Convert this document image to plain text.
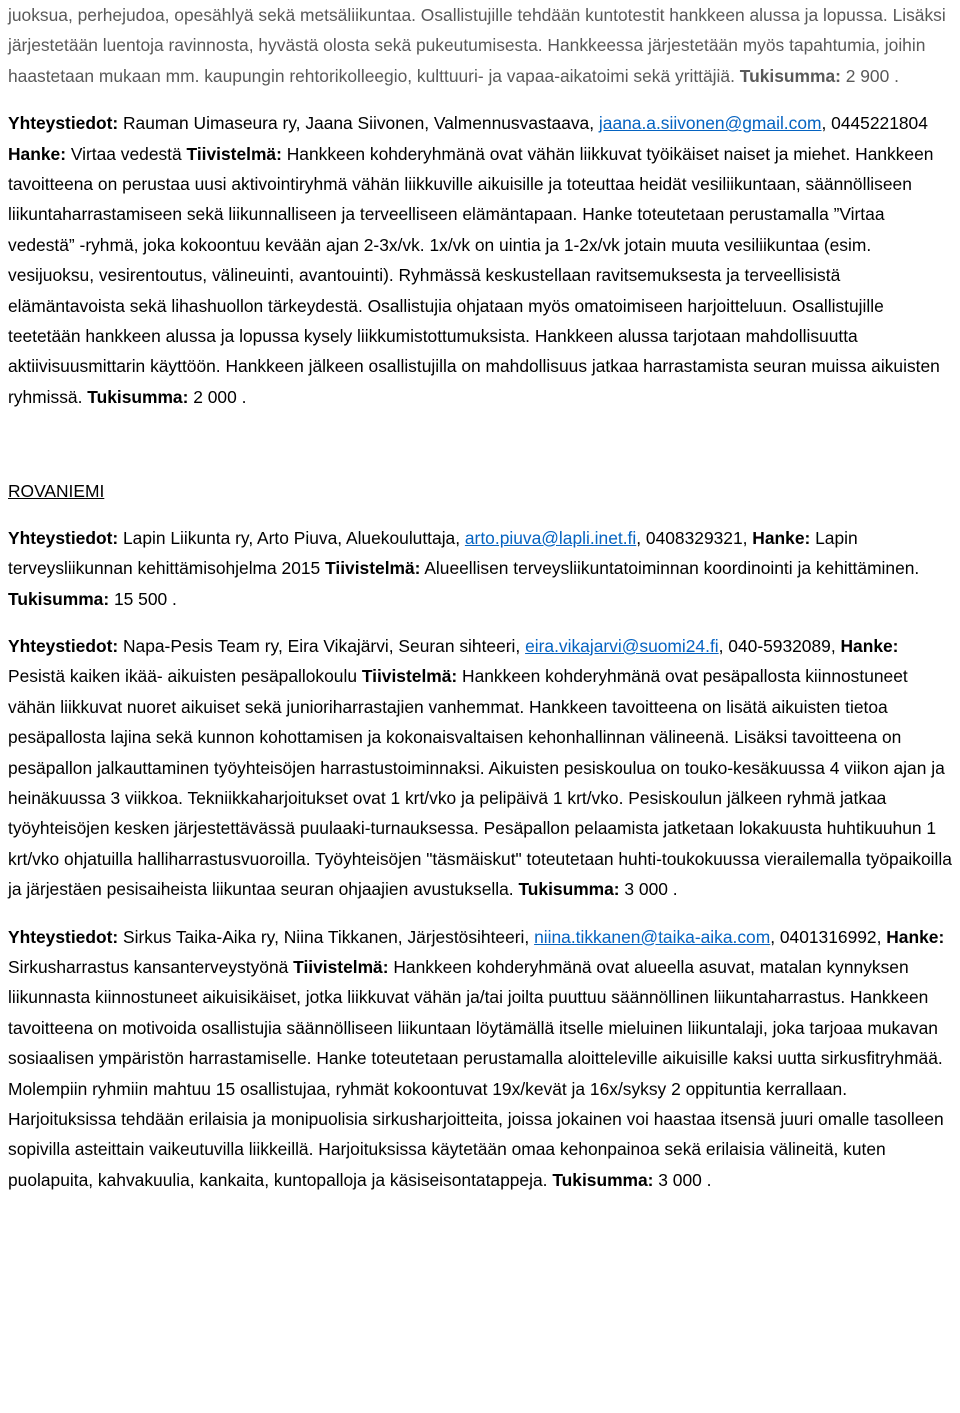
juoksua, perhejudoa, opesählyä sekä metsäliikuntaa. Osallistujille tehdään kuntotestit hankkeen alussa ja lopussa. Lisäksi järjestetään luentoja ravinnosta, hyvästä olosta sekä pukeutumisesta. Hankkeessa järjestetään myös tapahtumia, joihin haastetaan mukaan mm. kaupungin rehtorikolleegio, kulttuuri- ja vapaa-aikatoimi sekä yrittäjiä. Tukisumma: 2 900 .

Yhteystiedot: Rauman Uimaseura ry, Jaana Siivonen, Valmennusvastaava, jaana.a.siivonen@gmail.com, 0445221804 Hanke: Virtaa vedestä Tiivistelmä: Hankkeen kohderyhmänä ovat vähän liikkuvat työikäiset naiset ja miehet. Hankkeen tavoitteena on perustaa uusi aktivointiryhmä vähän liikkuville aikuisille ja toteuttaa heidät vesiliikuntaan, säännölliseen liikuntaharrastamiseen sekä liikunnalliseen ja terveelliseen elämäntapaan. Hanke toteutetaan perustamalla ”Virtaa vedestä” -ryhmä, joka kokoontuu kevään ajan 2-3x/vk. 1x/vk on uintia ja 1-2x/vk jotain muuta vesiliikuntaa (esim. vesijuoksu, vesirentoutus, välineuinti, avantouinti). Ryhmässä keskustellaan ravitsemuksesta ja terveellisistä elämäntavoista sekä lihashuollon tärkeydestä. Osallistujia ohjataan myös omatoimiseen harjoitteluun. Osallistujille teetetään hankkeen alussa ja lopussa kysely liikkumistottumuksista. Hankkeen alussa tarjotaan mahdollisuutta aktiivisuusmittarin käyttöön. Hankkeen jälkeen osallistujilla on mahdollisuus jatkaa harrastamista seuran muissa aikuisten ryhmissä. Tukisumma: 2 000 .

ROVANIEMI

Yhteystiedot: Lapin Liikunta ry, Arto Piuva, Aluekouluttaja, arto.piuva@lapli.inet.fi, 0408329321, Hanke: Lapin terveysliikunnan kehittämisohjelma 2015 Tiivistelmä: Alueellisen terveysliikuntatoiminnan koordinointi ja kehittäminen. Tukisumma: 15 500 .

Yhteystiedot: Napa-Pesis Team ry, Eira Vikajärvi, Seuran sihteeri, eira.vikajarvi@suomi24.fi, 040-5932089, Hanke: Pesistä kaiken ikää- aikuisten pesäpallokoulu Tiivistelmä: Hankkeen kohderyhmänä ovat pesäpallosta kiinnostuneet vähän liikkuvat nuoret aikuiset sekä junioriharrastajien vanhemmat. Hankkeen tavoitteena on lisätä aikuisten tietoa pesäpallosta lajina sekä kunnon kohottamisen ja kokonaisvaltaisen kehonhallinnan välineenä. Lisäksi tavoitteena on pesäpallon jalkauttaminen työyhteisöjen harrastustoiminnaksi. Aikuisten pesiskoulua on touko-kesäkuussa 4 viikon ajan ja heinäkuussa 3 viikkoa. Tekniikkaharjoitukset ovat 1 krt/vko ja pelipäivä 1 krt/vko. Pesiskoulun jälkeen ryhmä jatkaa työyhteisöjen kesken järjestettävässä puulaaki-turnauksessa. Pesäpallon pelaamista jatketaan lokakuusta huhtikuuhun 1 krt/vko ohjatuilla halliharrastusvuoroilla. Työyhteisöjen "täsmäiskut" toteutetaan huhti-toukokuussa vierailemalla työpaikoilla ja järjestäen pesisaiheista liikuntaa seuran ohjaajien avustuksella. Tukisumma: 3 000 .

Yhteystiedot: Sirkus Taika-Aika ry, Niina Tikkanen, Järjestösihteeri, niina.tikkanen@taika-aika.com, 0401316992, Hanke: Sirkusharrastus kansanterveystyönä Tiivistelmä: Hankkeen kohderyhmänä ovat alueella asuvat, matalan kynnyksen liikunnasta kiinnostuneet aikuisikäiset, jotka liikkuvat vähän ja/tai joilta puuttuu säännöllinen liikuntaharrastus. Hankkeen tavoitteena on motivoida osallistujia säännölliseen liikuntaan löytämällä itselle mieluinen liikuntalaji, joka tarjoaa mukavan sosiaalisen ympäristön harrastamiselle. Hanke toteutetaan perustamalla aloitteleville aikuisille kaksi uutta sirkusfitryhmää. Molempiin ryhmiin mahtuu 15 osallistujaa, ryhmät kokoontuvat 19x/kevät ja 16x/syksy 2 oppituntia kerrallaan. Harjoituksissa tehdään erilaisia ja monipuolisia sirkusharjoitteita, joissa jokainen voi haastaa itsensä juuri omalle tasolleen sopivilla asteittain vaikeutuvilla liikkeillä. Harjoituksissa käytetään omaa kehonpainoa sekä erilaisia välineitä, kuten puolapuita, kahvakuulia, kankaita, kuntopalloja ja käsiseisontatappeja. Tukisumma: 3 000 .
